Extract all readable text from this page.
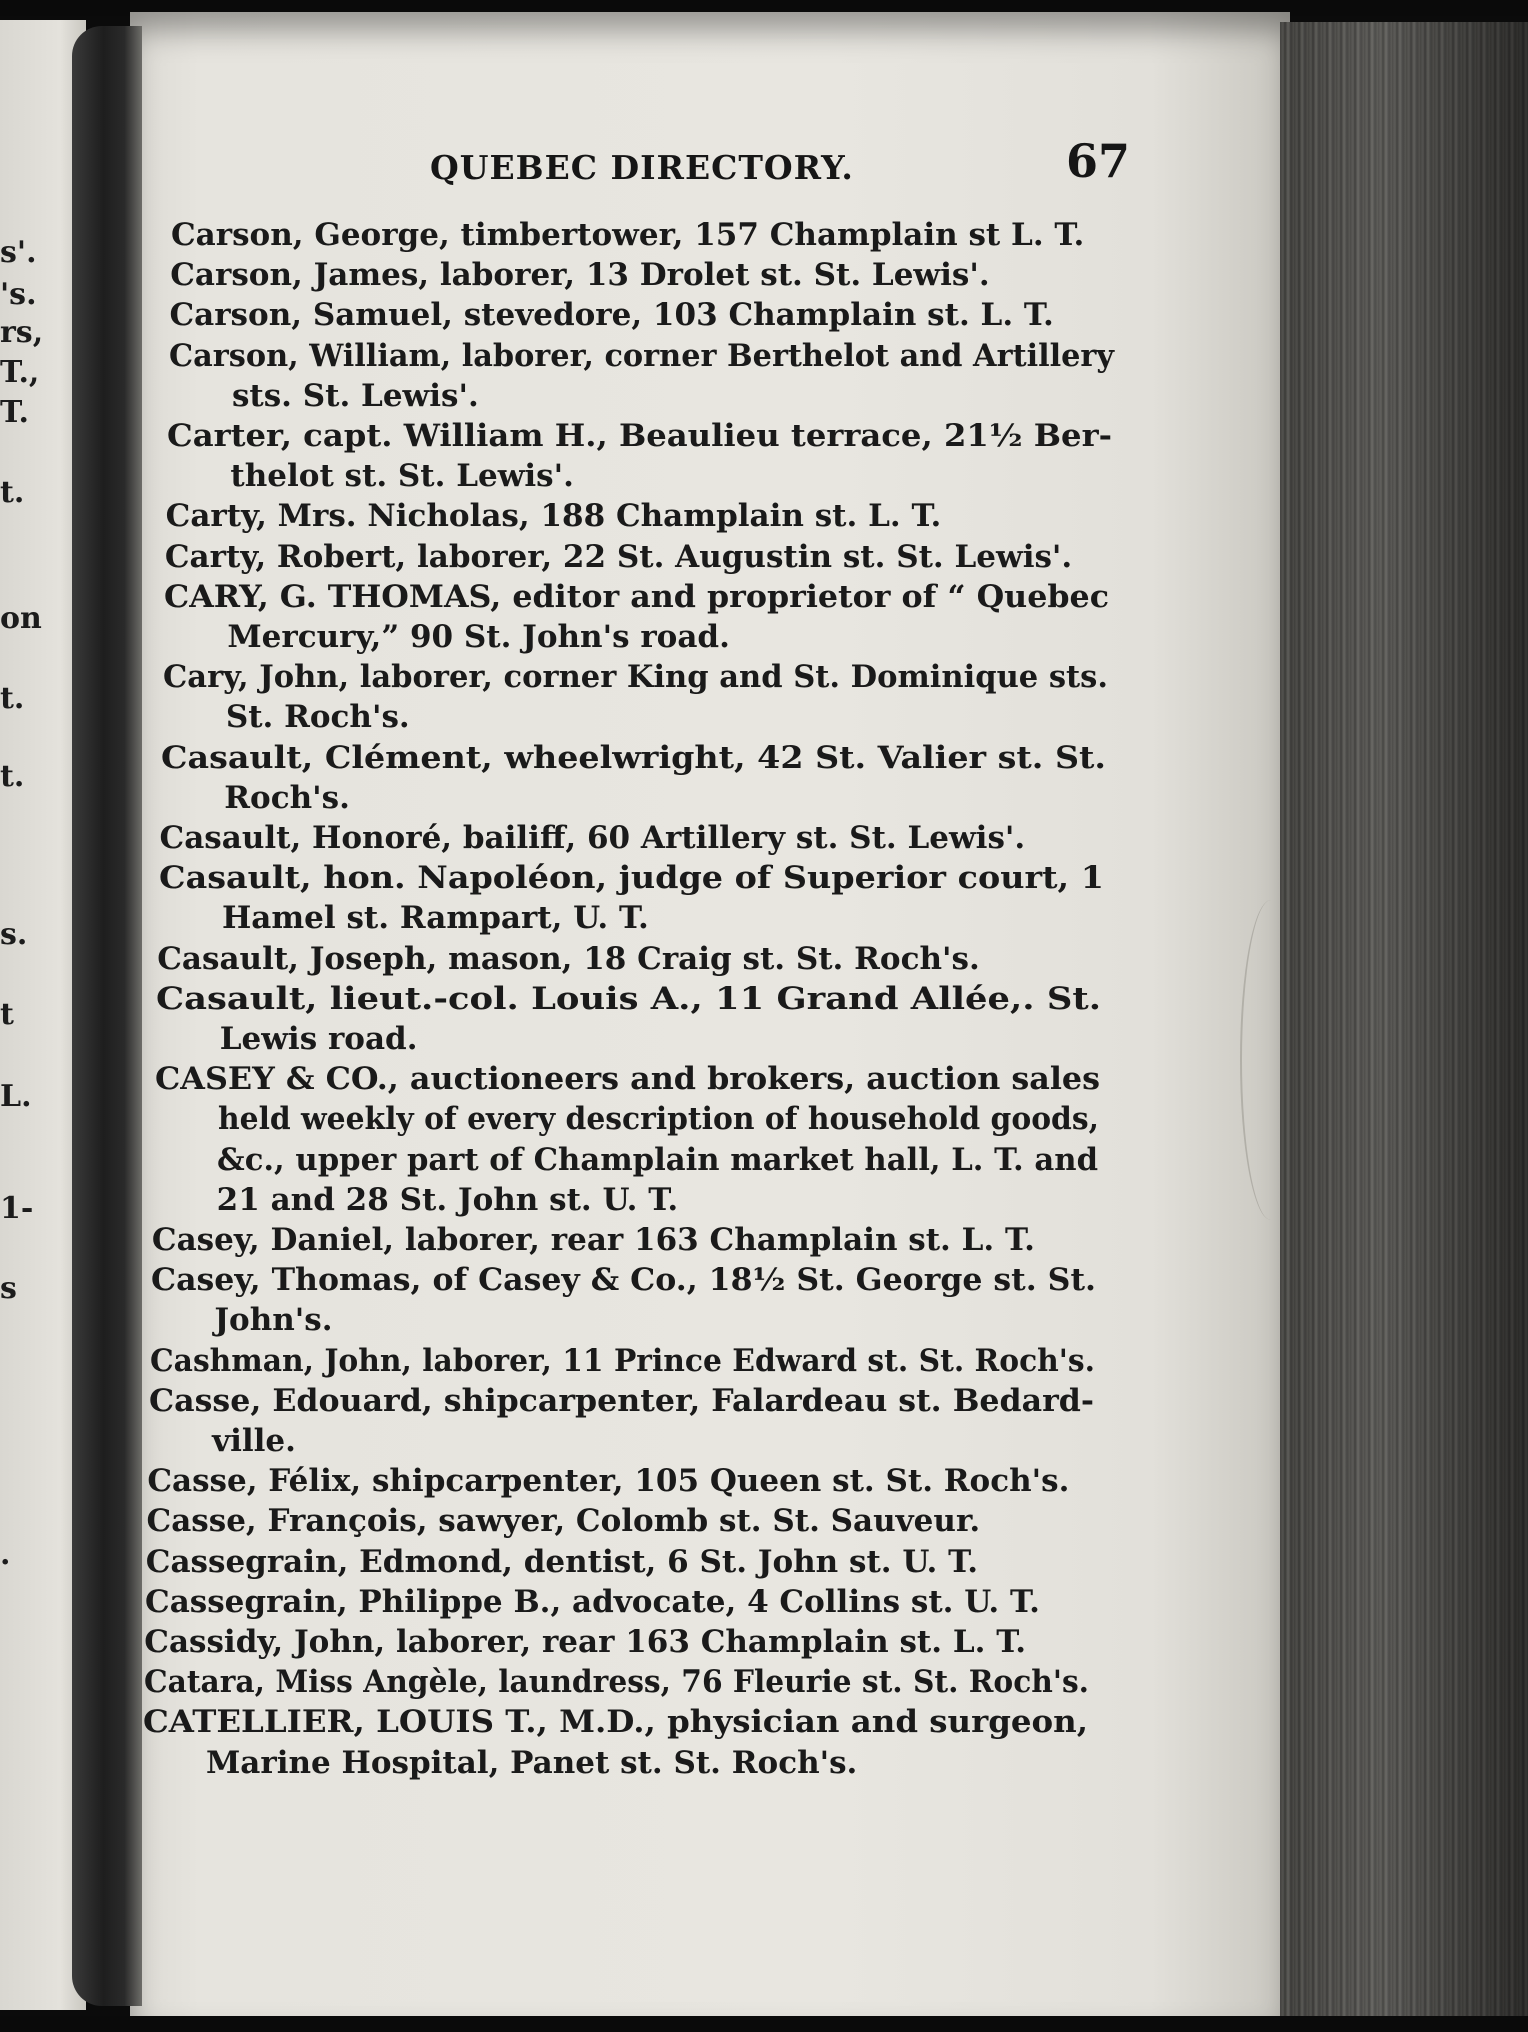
s'.
's.
rs,
T.,
T.
t.
on
t.
t.
s.
t
L.
1-
s
.
QUEBEC DIRECTORY.	67
Carson, George, timbertower, 157 Champlain st L. T.
Carson, James, laborer, 13 Drolet st. St. Lewis'.
Carson, Samuel, stevedore, 103 Champlain st. L. T.
Carson, William, laborer, corner Berthelot and Artillery
sts. St. Lewis'.
Carter, capt. William H., Beaulieu terrace, 21½ Ber-
thelot st. St. Lewis'.
Carty, Mrs. Nicholas, 188 Champlain st. L. T.
Carty, Robert, laborer, 22 St. Augustin st. St. Lewis'.
CARY, G. THOMAS, editor and proprietor of “ Quebec
Mercury,” 90 St. John's road.
Cary, John, laborer, corner King and St. Dominique sts.
St. Roch's.
Casault, Clément, wheelwright, 42 St. Valier st. St.
Roch's.
Casault, Honoré, bailiff, 60 Artillery st. St. Lewis'.
Casault, hon. Napoléon, judge of Superior court, 1
Hamel st. Rampart, U. T.
Casault, Joseph, mason, 18 Craig st. St. Roch's.
Casault, lieut.-col. Louis A., 11 Grand Allée,. St.
Lewis road.
CASEY & CO., auctioneers and brokers, auction sales
held weekly of every description of household goods,
&c., upper part of Champlain market hall, L. T. and
21 and 28 St. John st. U. T.
Casey, Daniel, laborer, rear 163 Champlain st. L. T.
Casey, Thomas, of Casey & Co., 18½ St. George st. St.
John's.
Cashman, John, laborer, 11 Prince Edward st. St. Roch's.
Casse, Edouard, shipcarpenter, Falardeau st. Bedard-
ville.
Casse, Félix, shipcarpenter, 105 Queen st. St. Roch's.
Casse, François, sawyer, Colomb st. St. Sauveur.
Cassegrain, Edmond, dentist, 6 St. John st. U. T.
Cassegrain, Philippe B., advocate, 4 Collins st. U. T.
Cassidy, John, laborer, rear 163 Champlain st. L. T.
Catara, Miss Angèle, laundress, 76 Fleurie st. St. Roch's.
CATELLIER, LOUIS T., M.D., physician and surgeon,
Marine Hospital, Panet st. St. Roch's.
